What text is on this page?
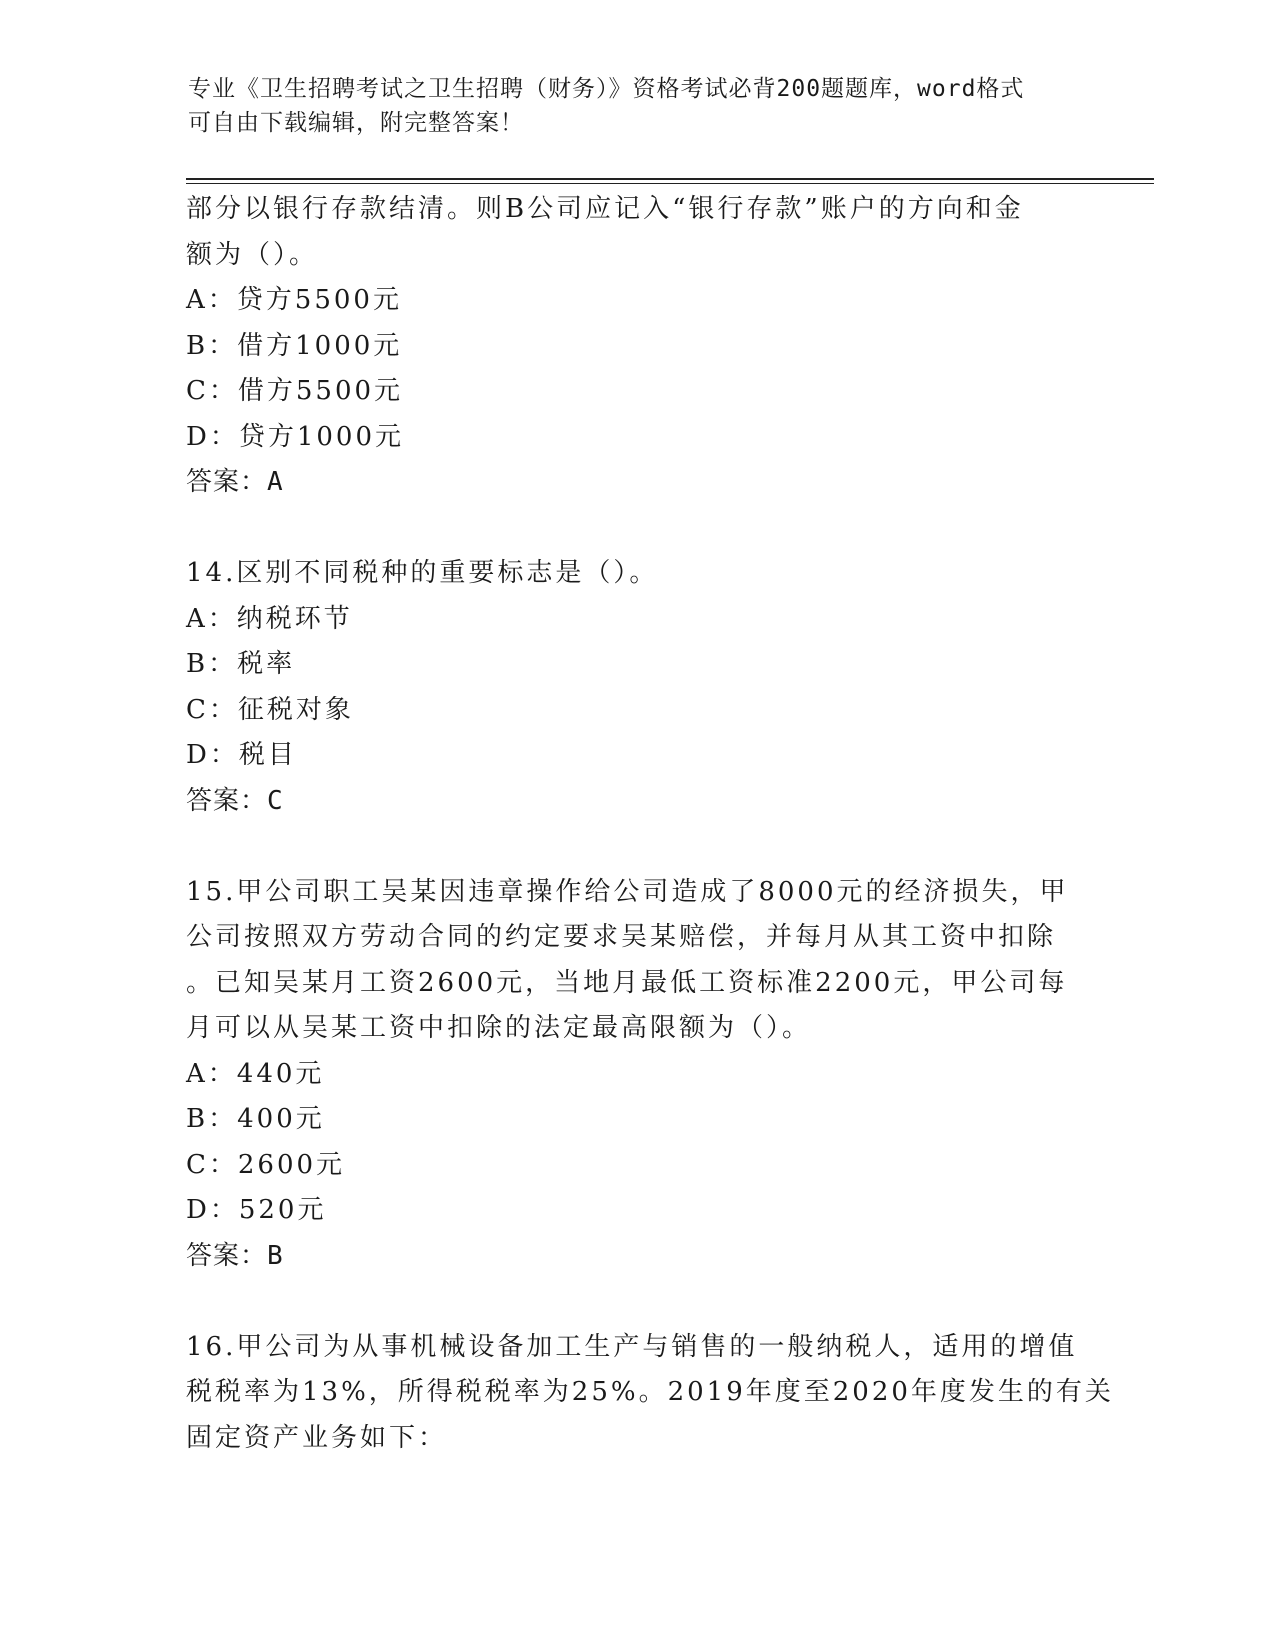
专业《卫生招聘考试之卫生招聘（财务）》资格考试必背200题题库，word格式
可自由下载编辑，附完整答案！
部分以银行存款结清。则B公司应记入“银行存款”账户的方向和金
额为（）。
A：贷方5500元
B：借方1000元
C：借方5500元
D：贷方1000元
答案：A
14.区别不同税种的重要标志是（）。
A：纳税环节
B：税率
C：征税对象
D：税目
答案：C
15.甲公司职工吴某因违章操作给公司造成了8000元的经济损失，甲
公司按照双方劳动合同的约定要求吴某赔偿，并每月从其工资中扣除
。已知吴某月工资2600元，当地月最低工资标准2200元，甲公司每
月可以从吴某工资中扣除的法定最高限额为（）。
A：440元
B：400元
C：2600元
D：520元
答案：B
16.甲公司为从事机械设备加工生产与销售的一般纳税人，适用的增值
税税率为13%，所得税税率为25%。2019年度至2020年度发生的有关
固定资产业务如下：
